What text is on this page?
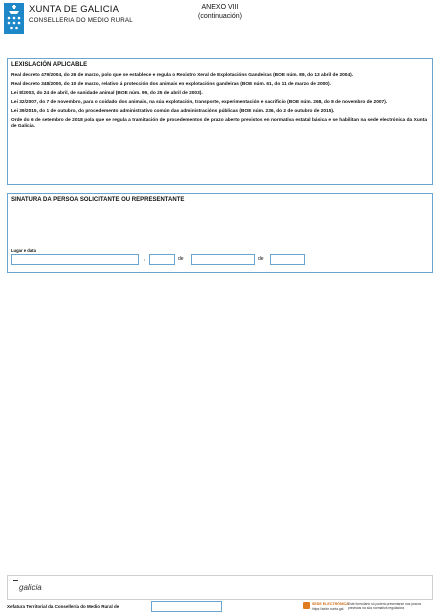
XUNTA DE GALICIA
CONSELLERIA DO MEDIO RURAL
ANEXO VIII
(continuación)
LEXISLACIÓN APLICABLE
Real decreto 479/2004, do 26 de marzo, polo que se establece e regula o Rexistro Xeral de Explotacións Gandeiras (BOE núm. 89, do 13 abril de 2004).
Real decreto 348/2000, do 10 de marzo, relativo á protección dos animais en explotacións gandeiras (BOE núm. 61, do 11 de marzo de 2000).
Lei 8/2003, do 24 de abril, de sanidade animal (BOE núm. 99, do 25 de abril de 2003).
Lei 32/2007, do 7 de novembro, para o coidado dos animais, na súa explotación, transporte, experimentación e sacrificio (BOE núm. 268, do 8 de novembro de 2007).
Lei 39/2015, do 1 de outubro, do procedemento administrativo común das administracións públicas (BOE núm. 236, do 2 de outubro de 2015).
Orde do 6 de setembro de 2018 pola que se regula a tramitación de procedementos de prazo aberto previstos en normativa estatal básica e se habilitan na sede electrónica da Xunta de Galicia.
SINATURA DA PERSOA SOLICITANTE OU REPRESENTANTE
Lugar e data
,	de	de
galicia
Xefatura Territorial da Consellería do Medio Rural de	SEDE ELECTRÓNICA
https://sede.xunta.gal
Este formulario só poderá presentarse nos prazos previstos na súa normativa reguladora
